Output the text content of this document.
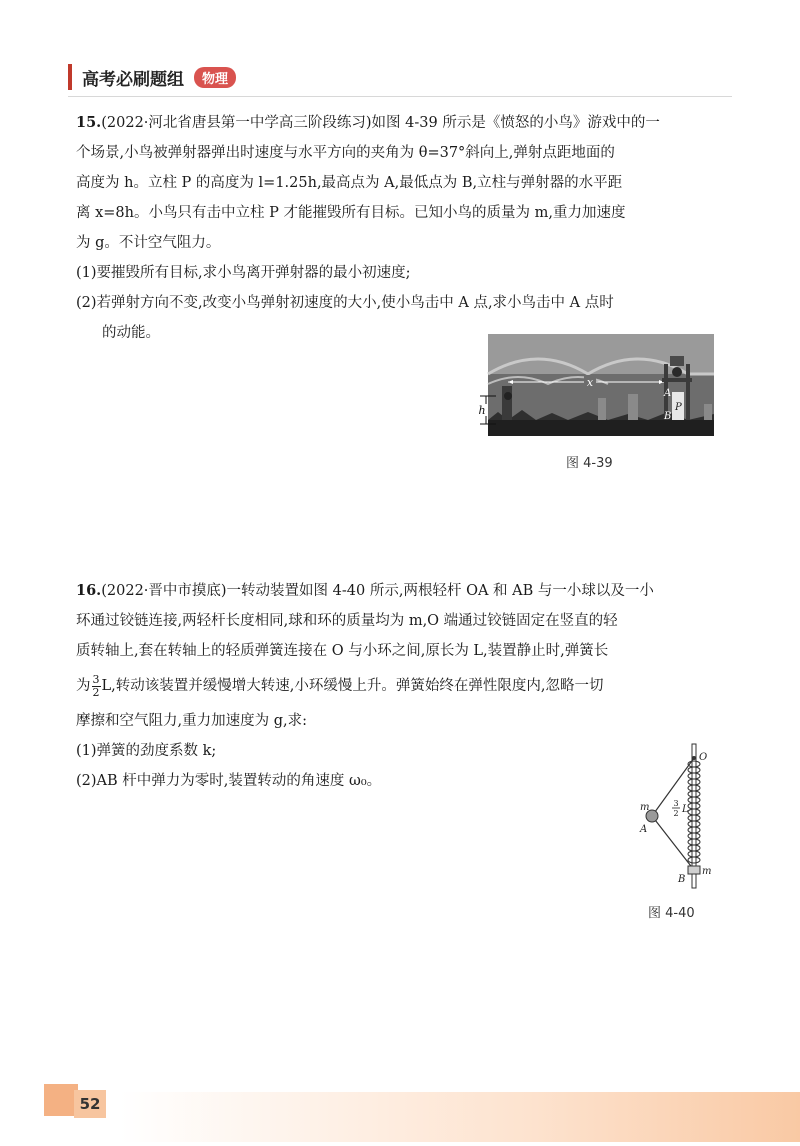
高考必刷题组	物理

15.(2022·河北省唐县第一中学高三阶段练习)如图 4-39 所示是《愤怒的小鸟》游戏中的一

个场景,小鸟被弹射器弹出时速度与水平方向的夹角为 θ=37°斜向上,弹射点距地面的

高度为 h。立柱 P 的高度为 l=1.25h,最高点为 A,最低点为 B,立柱与弹射器的水平距

离 x=8h。小鸟只有击中立柱 P 才能摧毁所有目标。已知小鸟的质量为 m,重力加速度

为 g。不计空气阻力。

(1)要摧毁所有目标,求小鸟离开弹射器的最小初速度;

(2)若弹射方向不变,改变小鸟弹射初速度的大小,使小鸟击中 A 点,求小鸟击中 A 点时

的动能。

x
h
A
B
P
图 4-39

16.(2022·晋中市摸底)一转动装置如图 4-40 所示,两根轻杆 OA 和 AB 与一小球以及一小

环通过铰链连接,两轻杆长度相同,球和环的质量均为 m,O 端通过铰链固定在竖直的轻

质转轴上,套在转轴上的轻质弹簧连接在 O 与小环之间,原长为 L,装置静止时,弹簧长

为 $\frac{3}{2} L$,转动该装置并缓慢增大转速,小环缓慢上升。弹簧始终在弹性限度内,忽略一切

摩擦和空气阻力,重力加速度为 g,求:

(1)弹簧的劲度系数 k;

(2)AB 杆中弹力为零时,装置转动的角速度 ω₀。

O
m
A
3
2 L
m
B
图 4-40
52
